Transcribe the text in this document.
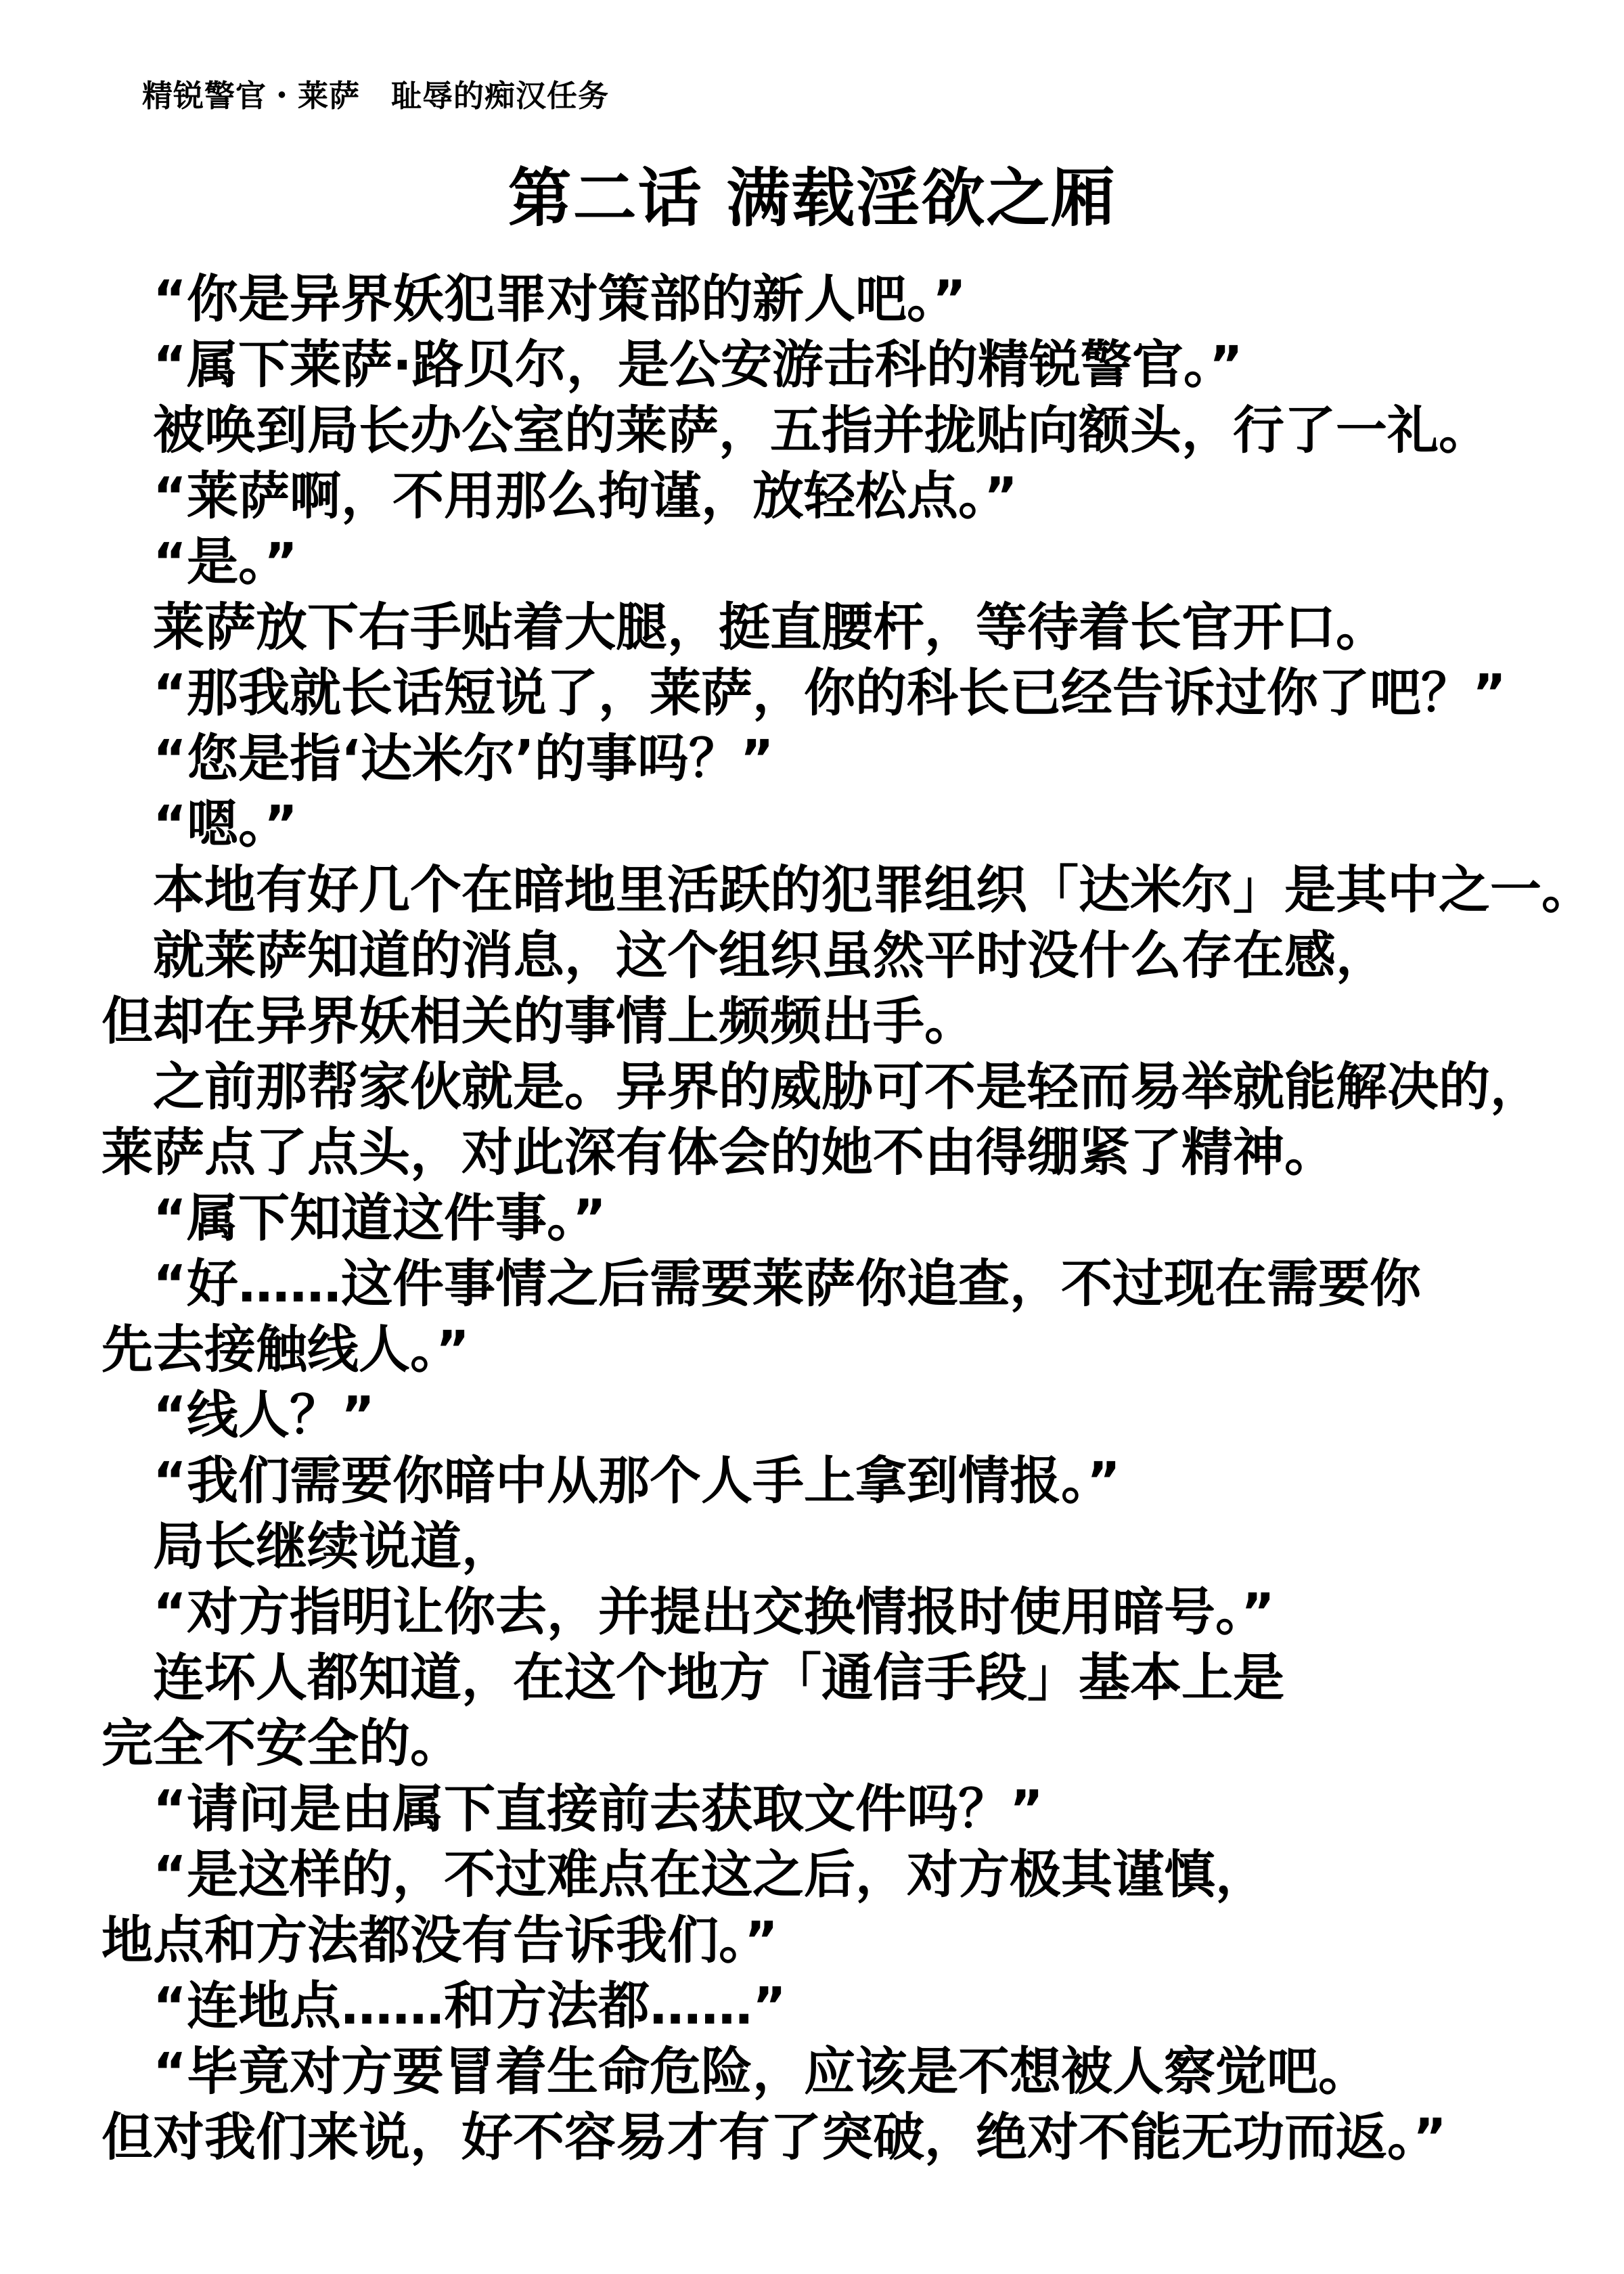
精锐警官・莱萨　耻辱的痴汉任务
第二话 满载淫欲之厢
“你是异界妖犯罪对策部的新人吧。”
“属下莱萨·路贝尔，是公安游击科的精锐警官。”
被唤到局长办公室的莱萨，五指并拢贴向额头，行了一礼。
“莱萨啊，不用那么拘谨，放轻松点。”
“是。”
莱萨放下右手贴着大腿，挺直腰杆，等待着长官开口。
“那我就长话短说了，莱萨，你的科长已经告诉过你了吧？”
“您是指‘达米尔’的事吗？”
“嗯。”
本地有好几个在暗地里活跃的犯罪组织「达米尔」是其中之一。
就莱萨知道的消息，这个组织虽然平时没什么存在感，
但却在异界妖相关的事情上频频出手。
之前那帮家伙就是。异界的威胁可不是轻而易举就能解决的，
莱萨点了点头，对此深有体会的她不由得绷紧了精神。
“属下知道这件事。”
“好……这件事情之后需要莱萨你追查，不过现在需要你
先去接触线人。”
“线人？”
“我们需要你暗中从那个人手上拿到情报。”
局长继续说道，
“对方指明让你去，并提出交换情报时使用暗号。”
连坏人都知道，在这个地方「通信手段」基本上是
完全不安全的。
“请问是由属下直接前去获取文件吗？”
“是这样的，不过难点在这之后，对方极其谨慎，
地点和方法都没有告诉我们。”
“连地点……和方法都……”
“毕竟对方要冒着生命危险，应该是不想被人察觉吧。
但对我们来说，好不容易才有了突破，绝对不能无功而返。”
